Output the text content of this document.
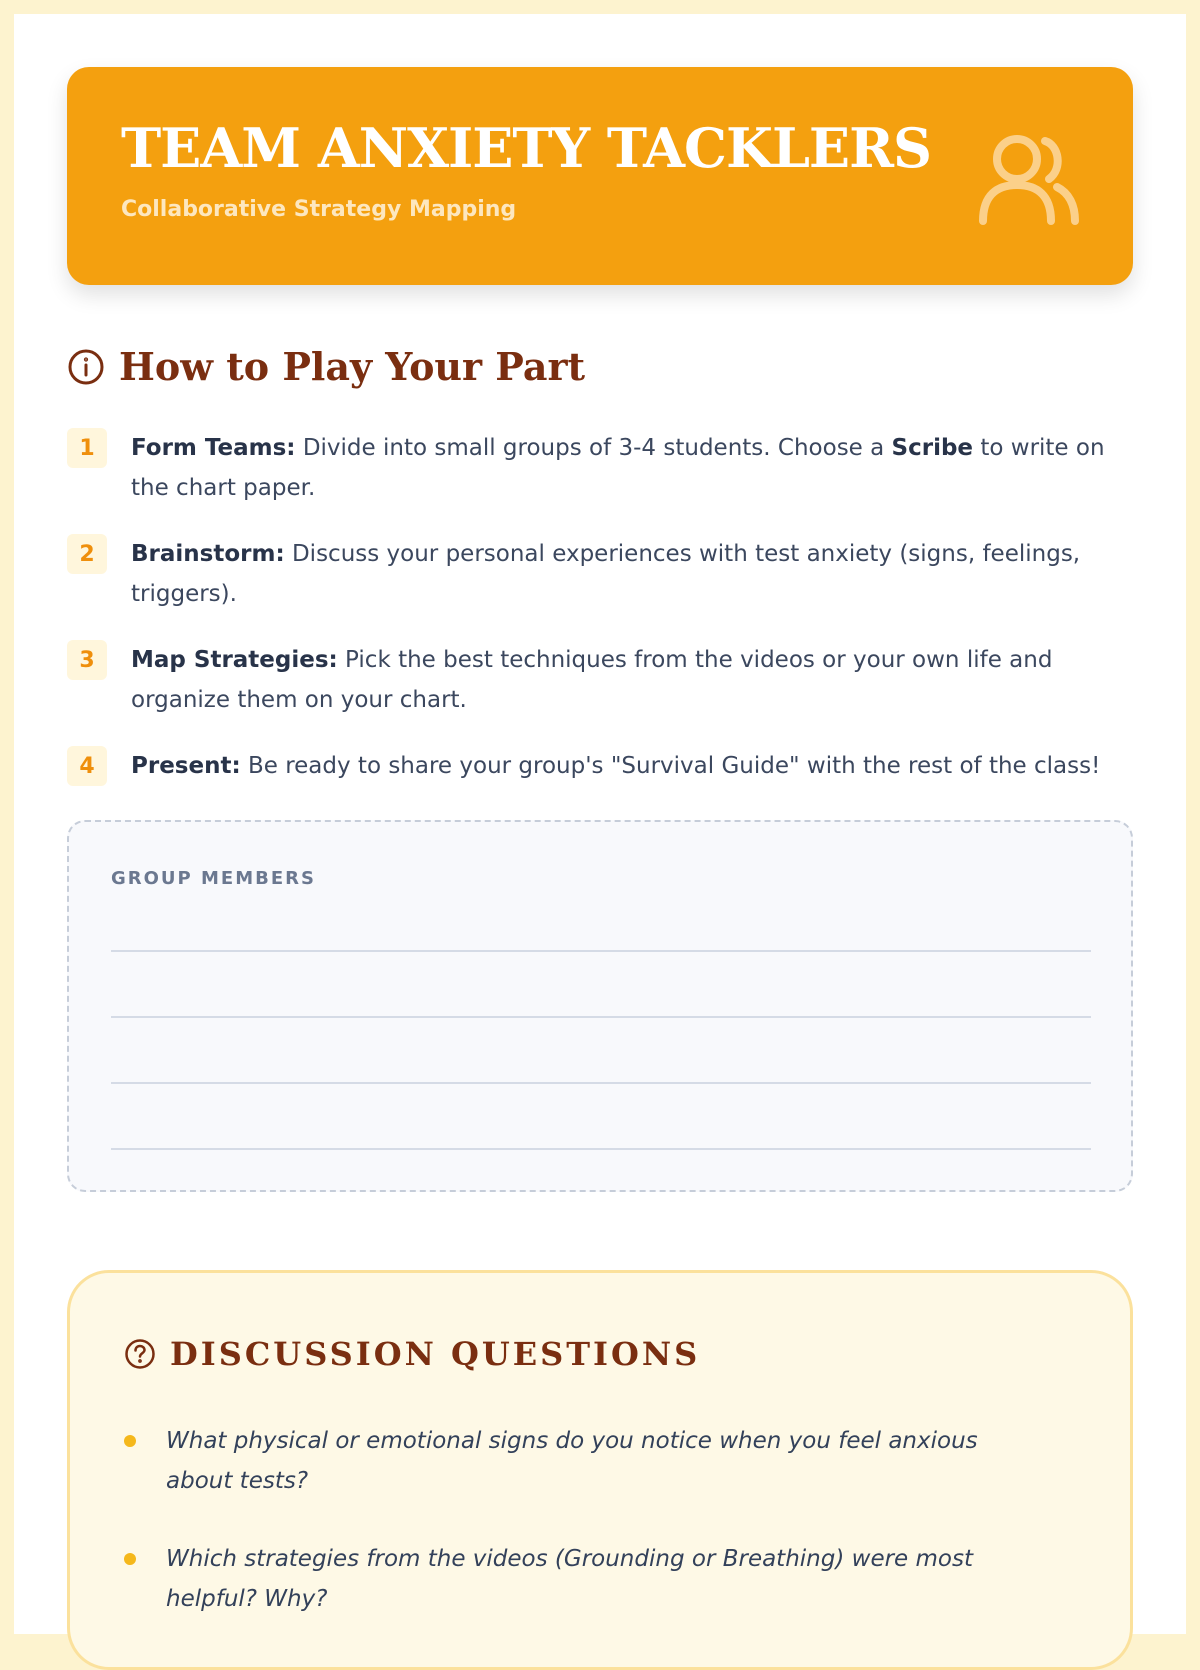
TEAM ANXIETY TACKLERS
Collaborative Strategy Mapping
How to Play Your Part
1	Form Teams: Divide into small groups of 3-4 students. Choose a Scribe to write on the chart paper.

2	Brainstorm: Discuss your personal experiences with test anxiety (signs, feelings, triggers).

3	Map Strategies: Pick the best techniques from the videos or your own life and organize them on your chart.

4	Present: Be ready to share your group's "Survival Guide" with the rest of the class!

GROUP MEMBERS
DISCUSSION QUESTIONS

What physical or emotional signs do you notice when you feel anxious about tests?

Which strategies from the videos (Grounding or Breathing) were most helpful? Why?
